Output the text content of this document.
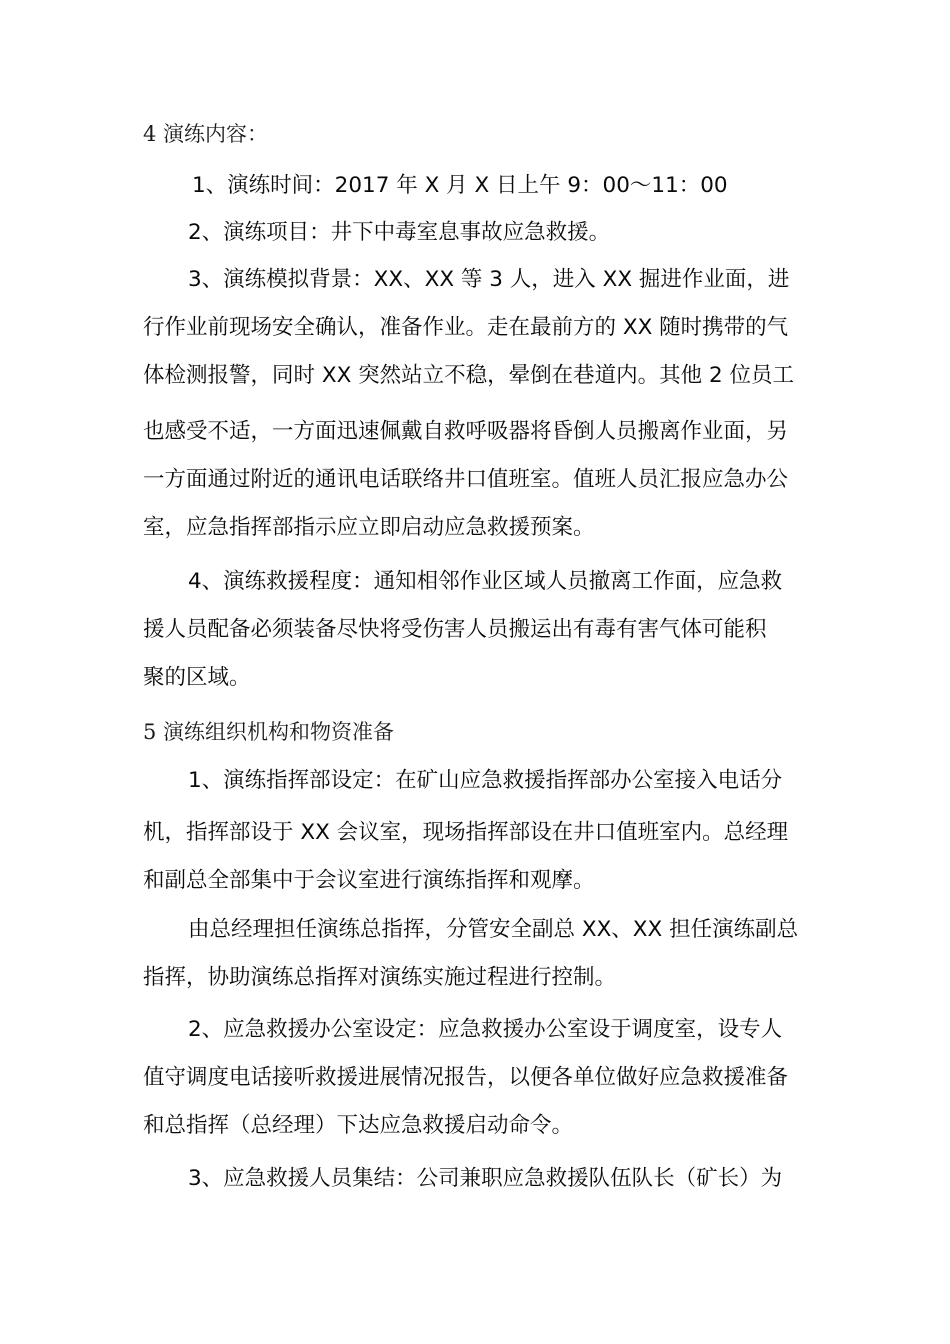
4 演练内容：
1、演练时间：2017 年 X 月 X 日上午 9：00～11：00
2、演练项目：井下中毒室息事故应急救援。
3、演练模拟背景：XX、XX 等 3 人，进入 XX 掘进作业面，进
行作业前现场安全确认，准备作业。走在最前方的 XX 随时携带的气
体检测报警，同时 XX 突然站立不稳，晕倒在巷道内。其他 2 位员工
也感受不适，一方面迅速佩戴自救呼吸器将昏倒人员搬离作业面，另
一方面通过附近的通讯电话联络井口值班室。值班人员汇报应急办公
室，应急指挥部指示应立即启动应急救援预案。
4、演练救援程度：通知相邻作业区域人员撤离工作面，应急救
援人员配备必须装备尽快将受伤害人员搬运出有毒有害气体可能积
聚的区域。
5 演练组织机构和物资准备
1、演练指挥部设定：在矿山应急救援指挥部办公室接入电话分
机，指挥部设于 XX 会议室，现场指挥部设在井口值班室内。总经理
和副总全部集中于会议室进行演练指挥和观摩。
由总经理担任演练总指挥，分管安全副总 XX、XX 担任演练副总
指挥，协助演练总指挥对演练实施过程进行控制。
2、应急救援办公室设定：应急救援办公室设于调度室，设专人
值守调度电话接听救援进展情况报告，以便各单位做好应急救援准备
和总指挥（总经理）下达应急救援启动命令。
3、应急救援人员集结：公司兼职应急救援队伍队长（矿长）为
